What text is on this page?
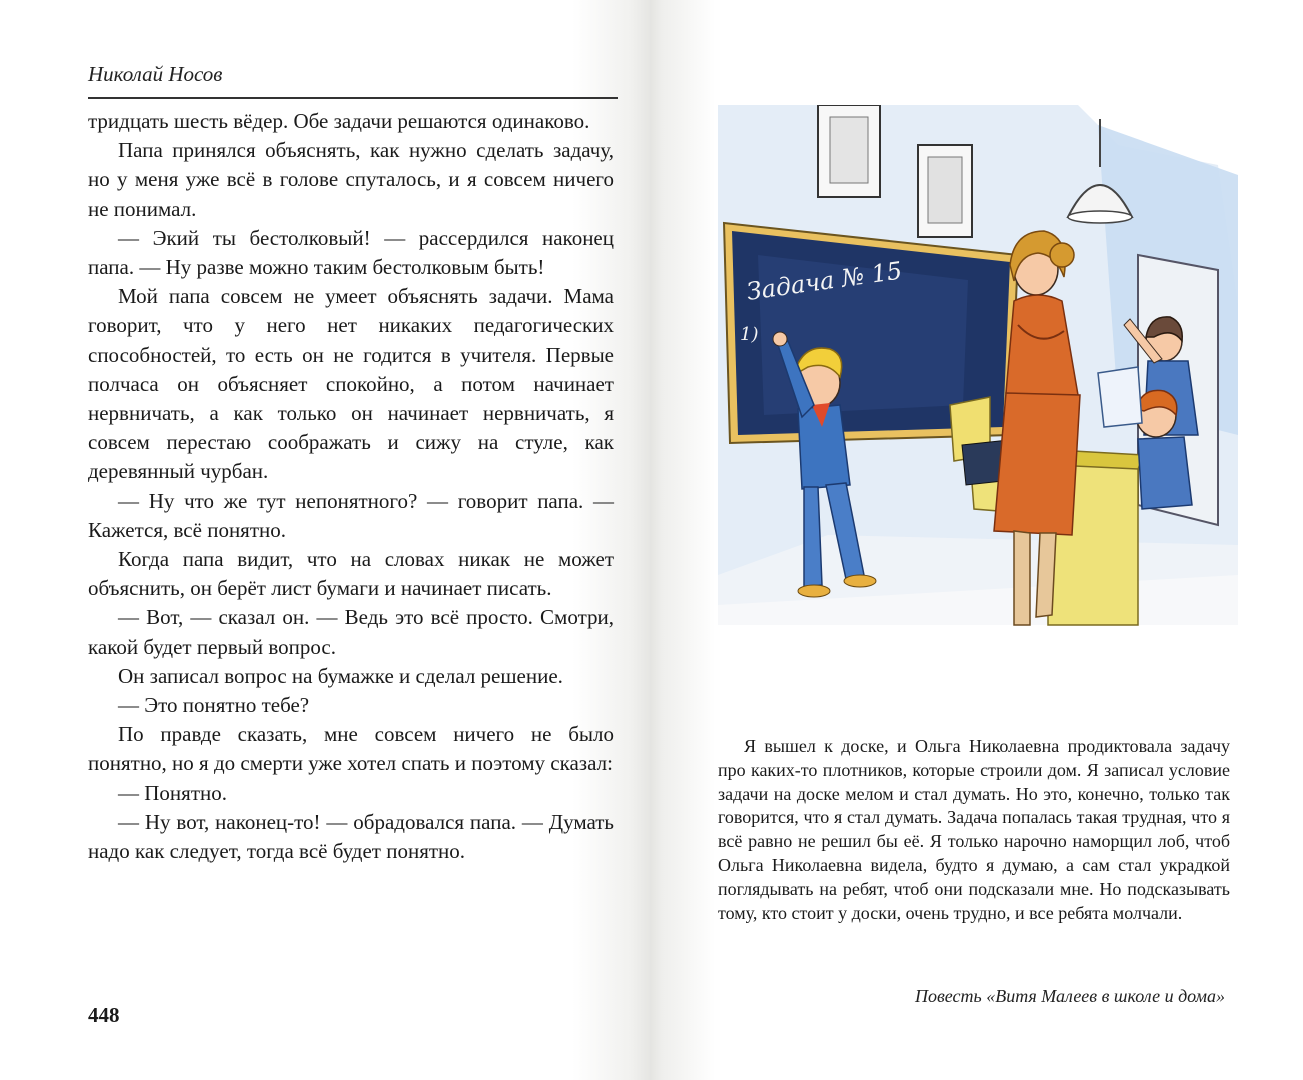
Николай Носов

тридцать шесть вёдер. Обе задачи решаются одинаково.

Папа принялся объяснять, как нужно сделать задачу, но у меня уже всё в голове спуталось, и я совсем ничего не понимал.

— Экий ты бестолковый! — рассердился наконец папа. — Ну разве можно таким бестолковым быть!

Мой папа совсем не умеет объяснять задачи. Мама говорит, что у него нет никаких педагогических способностей, то есть он не годится в учителя. Первые полчаса он объясняет спокойно, а потом начинает нервничать, а как только он начинает нервничать, я совсем перестаю соображать и сижу на стуле, как деревянный чурбан.

— Ну что же тут непонятного? — говорит папа. — Кажется, всё понятно.

Когда папа видит, что на словах никак не может объяснить, он берёт лист бумаги и начинает писать.

— Вот, — сказал он. — Ведь это всё просто. Смотри, какой будет первый вопрос.

Он записал вопрос на бумажке и сделал решение.

— Это понятно тебе?

По правде сказать, мне совсем ничего не было понятно, но я до смерти уже хотел спать и поэтому сказал:

— Понятно.

— Ну вот, наконец-то! — обрадовался папа. — Думать надо как следует, тогда всё будет понятно.

448
Задача № 15
1)

Я вышел к доске, и Ольга Николаевна продиктовала задачу про каких-то плотников, которые строили дом. Я записал условие задачи на доске мелом и стал думать. Но это, конечно, только так говорится, что я стал думать. Задача попалась такая трудная, что я всё равно не решил бы её. Я только нарочно наморщил лоб, чтоб Ольга Николаевна видела, будто я думаю, а сам стал украдкой поглядывать на ребят, чтоб они подсказали мне. Но подсказывать тому, кто стоит у доски, очень трудно, и все ребята молчали.

Повесть «Витя Малеев в школе и дома»
